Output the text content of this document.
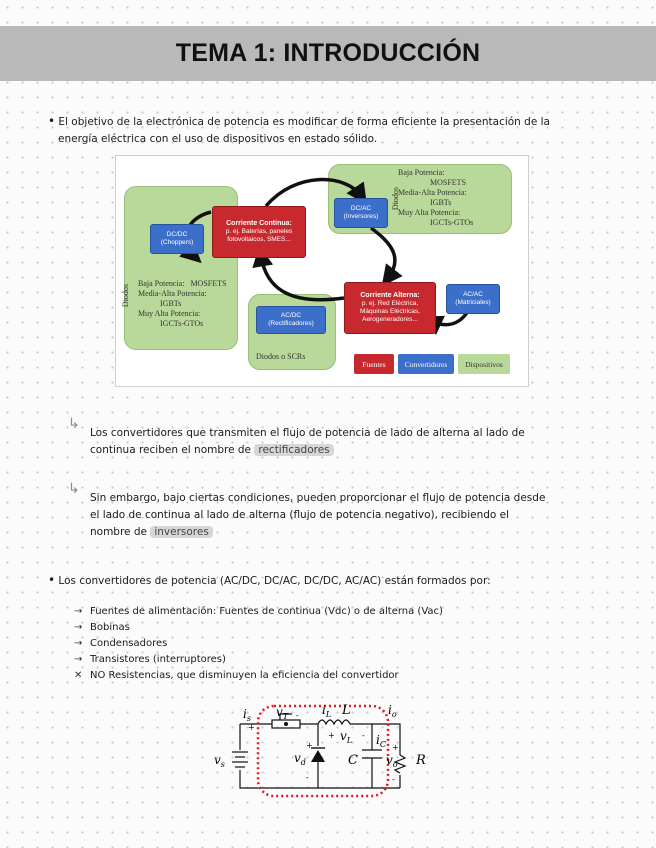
TEMA 1: INTRODUCCIÓN
• El objetivo de la electrónica de potencia es modificar de forma eficiente la presentación de la
energía eléctrica con el uso de dispositivos en estado sólido.
Diodos
Baja Potencia: MOSFETS
Media-Alta Potencia:
IGBTs
Muy Alta Potencia:
IGCTs-GTOs
Diodos
Baja Potencia:
MOSFETS
Media-Alta Potencia:
IGBTs
Muy Alta Potencia:
IGCTs-GTOs
Diodos o SCRs
Corriente Continua:
p. ej. Baterías, paneles
fotovoltaicos, SMES...
Corriente Alterna:
p. ej. Red Eléctrica,
Máquinas Eléctricas,
Aerogeneradores...
DC/DC
(Choppers)
DC/AC
(Inversores)
AC/AC
(Matriciales)
AC/DC
(Rectificadores)
Fuentes	Convertidores	Dispositivos
↳
Los convertidores que transmiten el flujo de potencia de lado de alterna al lado de
continua reciben el nombre de rectificadores
↳
Sin embargo, bajo ciertas condiciones, pueden proporcionar el flujo de potencia desde
el lado de continua al lado de alterna (flujo de potencia negativo), recibiendo el
nombre de inversores
• Los convertidores de potencia (AC/DC, DC/AC, DC/DC, AC/AC) están formados por:
→ Fuentes de alimentación: Fuentes de continua (Vdc) o de alterna (Vac)
→ Bobinas
→ Condensadores
→ Transistores (interruptores)
✕ NO Resistencias, que disminuyen la eficiencia del convertidor
$i_s$
+
$v_T - i_L$ L
$v_L$
+	-
$i_o$
$i_C$
$v_s$	$v_d$
+
-
C $v_o$
+
-
R
